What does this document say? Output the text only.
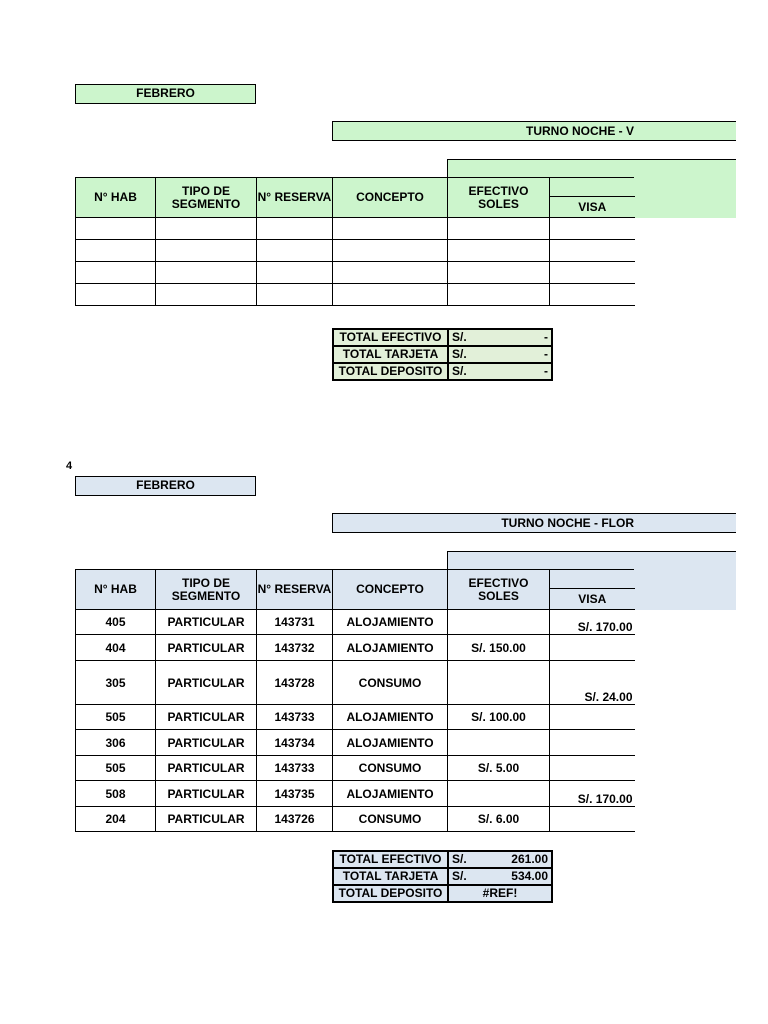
FEBRERO
TURNO NOCHE - V
N° HAB	TIPO DE SEGMENTO	N° RESERVA	CONCEPTO	EFECTIVO SOLES	
					VISA

TOTAL EFECTIVO	S/. -

TOTAL TARJETA	S/. -

TOTAL DEPOSITO	S/. -
4
FEBRERO
TURNO NOCHE - FLOR
N° HAB	TIPO DE SEGMENTO	N° RESERVA	CONCEPTO	EFECTIVO SOLES	
					VISA
405	PARTICULAR	143731	ALOJAMIENTO		S/. 170.00
404	PARTICULAR	143732	ALOJAMIENTO	S/. 150.00	
305	PARTICULAR	143728	CONSUMO		S/. 24.00
505	PARTICULAR	143733	ALOJAMIENTO	S/. 100.00	
306	PARTICULAR	143734	ALOJAMIENTO		
505	PARTICULAR	143733	CONSUMO	S/. 5.00	
508	PARTICULAR	143735	ALOJAMIENTO		S/. 170.00
204	PARTICULAR	143726	CONSUMO	S/. 6.00	
TOTAL EFECTIVO	S/. 261.00

TOTAL TARJETA	S/. 534.00

TOTAL DEPOSITO	#REF!
